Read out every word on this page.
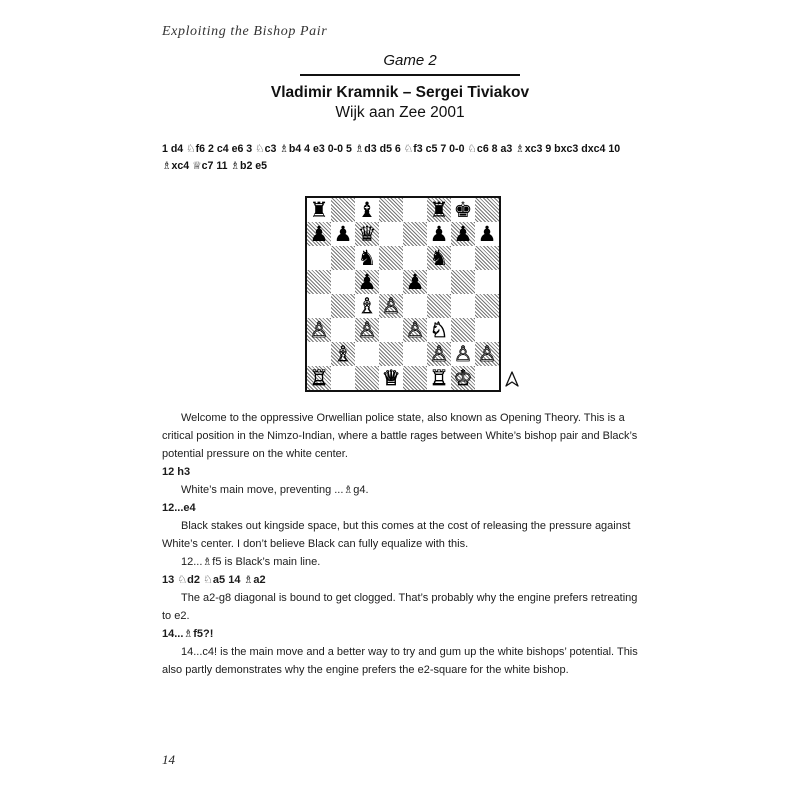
Exploiting the Bishop Pair
Game 2
Vladimir Kramnik – Sergei Tiviakov
Wijk aan Zee 2001
1 d4 ♘f6 2 c4 e6 3 ♘c3 ♗b4 4 e3 0-0 5 ♗d3 d5 6 ♘f3 c5 7 0-0 ♘c6 8 a3 ♗xc3 9 bxc3 dxc4 10 ♗xc4 ♕c7 11 ♗b2 e5
♜ ♝	♜ ♚
♟ ♟ ♛	♟ ♟ ♟
♞	♞
♟ ♟
♗ ♙
♙ ♙ ♙ ♘
♗	♙ ♙ ♙
♖	♕ ♖ ♔

Welcome to the oppressive Orwellian police state, also known as Opening Theory. This is a critical position in the Nimzo-Indian, where a battle rages between White’s bishop pair and Black’s potential pressure on the white center.

12 h3

White’s main move, preventing ...♗g4.

12...e4

Black stakes out kingside space, but this comes at the cost of releasing the pressure against White’s center. I don’t believe Black can fully equalize with this.

12...♗f5 is Black’s main line.

13 ♘d2 ♘a5 14 ♗a2

The a2-g8 diagonal is bound to get clogged. That’s probably why the engine prefers retreating to e2.

14...♗f5?!

14...c4! is the main move and a better way to try and gum up the white bishops’ potential. This also partly demonstrates why the engine prefers the e2-square for the white bishop.

14
